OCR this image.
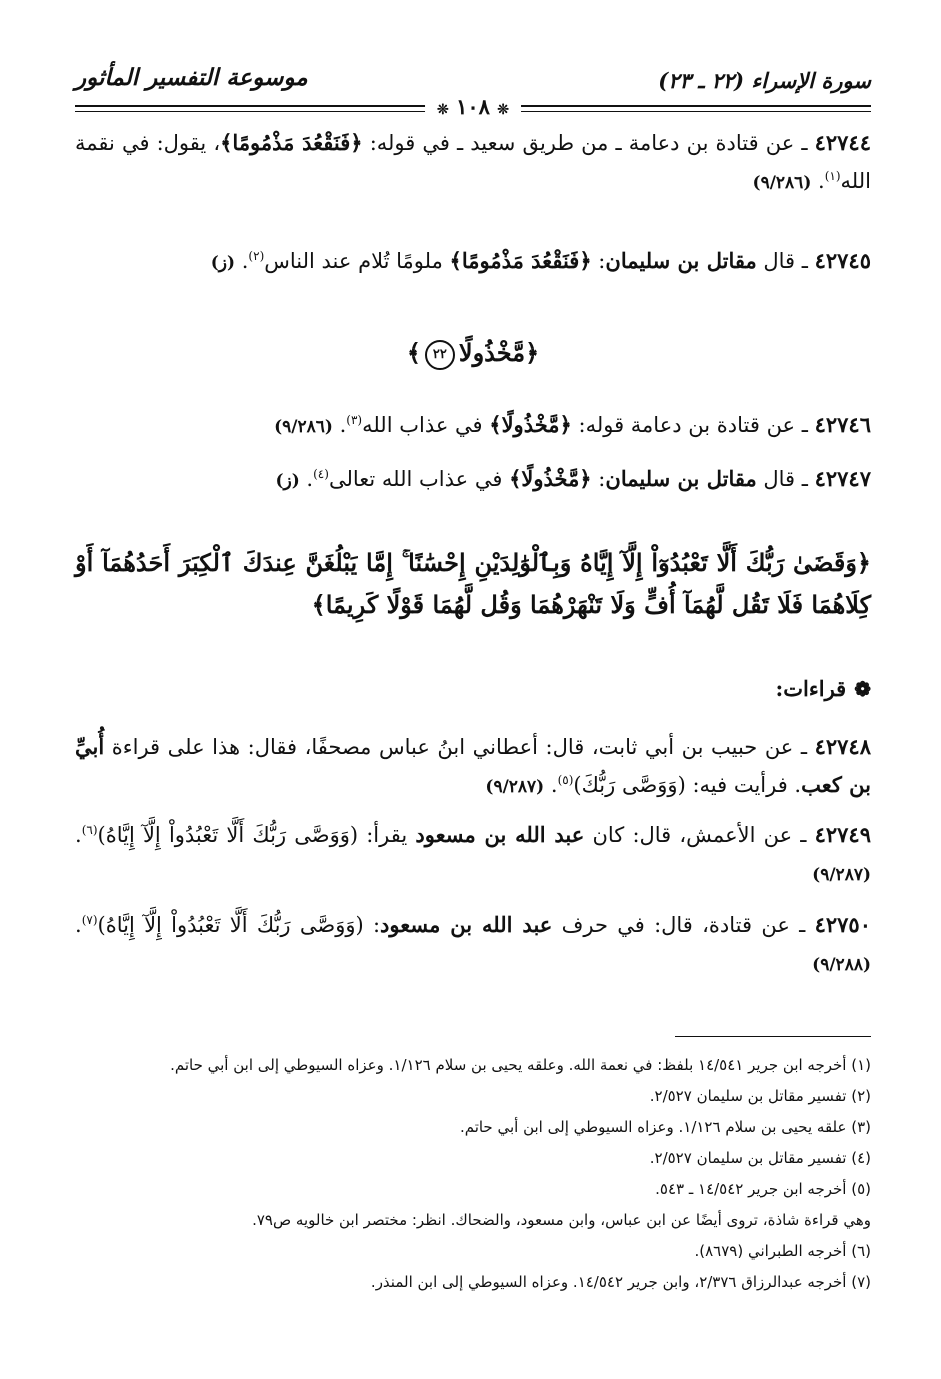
سورة الإسراء (٢٢ ـ ٢٣)
موسوعة التفسير المأثور
❊ ١٠٨ ❊
٤٢٧٤٤ ـ عن قتادة بن دعامة ـ من طريق سعيد ـ في قوله: ﴿فَنَقْعُدَ مَذْمُومًا﴾، يقول: في نقمة الله$^{(١)}$. (٩/٢٨٦)
٤٢٧٤٥ ـ قال مقاتل بن سليمان: ﴿فَنَقْعُدَ مَذْمُومًا﴾ ملومًا تُلام عند الناس$^{(٢)}$. (ز)
﴿مَّخْذُولًا٢٢﴾
٤٢٧٤٦ ـ عن قتادة بن دعامة قوله: ﴿مَّخْذُولًا﴾ في عذاب الله$^{(٣)}$. (٩/٢٨٦)
٤٢٧٤٧ ـ قال مقاتل بن سليمان: ﴿مَّخْذُولًا﴾ في عذاب الله تعالى$^{(٤)}$. (ز)
﴿وَقَضَىٰ رَبُّكَ أَلَّا تَعْبُدُوٓاْ إِلَّآ إِيَّاهُ وَبِٱلْوَٰلِدَيْنِ إِحْسَٰنًا ۚ إِمَّا يَبْلُغَنَّ عِندَكَ ٱلْكِبَرَ أَحَدُهُمَآ أَوْ كِلَاهُمَا فَلَا تَقُل لَّهُمَآ أُفٍّ وَلَا تَنْهَرْهُمَا وَقُل لَّهُمَا قَوْلًا كَرِيمًا﴾
❁قراءات:
٤٢٧٤٨ ـ عن حبيب بن أبي ثابت، قال: أعطاني ابنُ عباس مصحفًا، فقال: هذا على قراءة أُبيِّ بن كعب. فرأيت فيه: (وَوَصَّى رَبُّكَ)$^{(٥)}$. (٩/٢٨٧)
٤٢٧٤٩ ـ عن الأعمش، قال: كان عبد الله بن مسعود يقرأ: (وَوَصَّى رَبُّكَ أَلَّا تَعْبُدُواْ إِلَّآ إِيَّاهُ)$^{(٦)}$. (٩/٢٨٧)
٤٢٧٥٠ ـ عن قتادة، قال: في حرف عبد الله بن مسعود: (وَوَصَّى رَبُّكَ أَلَّا تَعْبُدُواْ إِلَّآ إِيَّاهُ)$^{(٧)}$. (٩/٢٨٨)

(١) أخرجه ابن جرير ١٤/٥٤١ بلفظ: في نعمة الله. وعلقه يحيى بن سلام ١/١٢٦. وعزاه السيوطي إلى ابن أبي حاتم.

(٢) تفسير مقاتل بن سليمان ٢/٥٢٧.

(٣) علقه يحيى بن سلام ١/١٢٦. وعزاه السيوطي إلى ابن أبي حاتم.

(٤) تفسير مقاتل بن سليمان ٢/٥٢٧.

(٥) أخرجه ابن جرير ١٤/٥٤٢ ـ ٥٤٣.

وهي قراءة شاذة، تروى أيضًا عن ابن عباس، وابن مسعود، والضحاك. انظر: مختصر ابن خالويه ص٧٩.

(٦) أخرجه الطبراني (٨٦٧٩).

(٧) أخرجه عبدالرزاق ٢/٣٧٦، وابن جرير ١٤/٥٤٢. وعزاه السيوطي إلى ابن المنذر.
